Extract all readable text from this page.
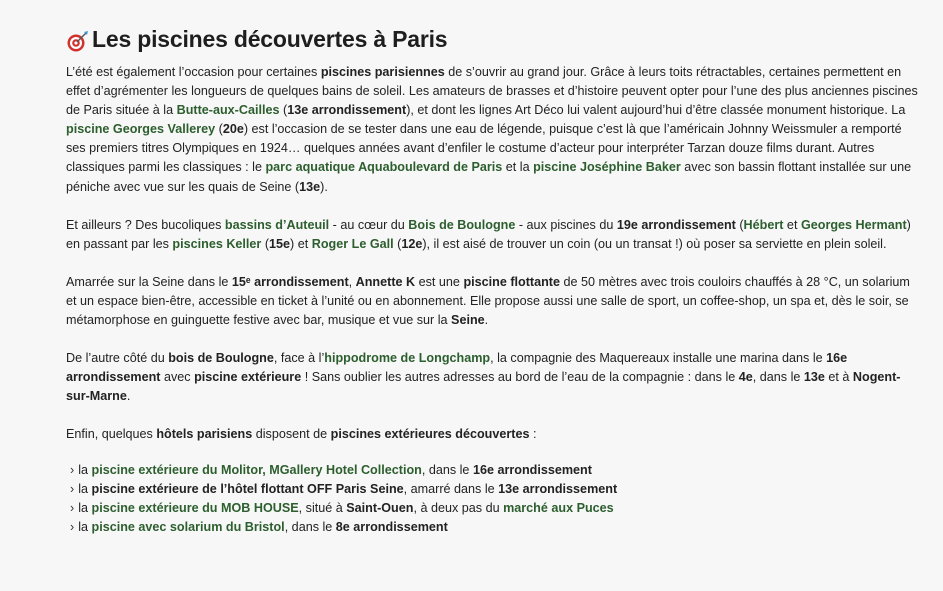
Les piscines découvertes à Paris

L’été est également l’occasion pour certaines piscines parisiennes de s’ouvrir au grand jour. Grâce à leurs toits rétractables, certaines permettent en effet d’agrémenter les longueurs de quelques bains de soleil. Les amateurs de brasses et d’histoire peuvent opter pour l’une des plus anciennes piscines de Paris située à la Butte-aux-Cailles (13e arrondissement), et dont les lignes Art Déco lui valent aujourd’hui d’être classée monument historique. La piscine Georges Vallerey (20e) est l’occasion de se tester dans une eau de légende, puisque c’est là que l’américain Johnny Weissmuler a remporté ses premiers titres Olympiques en 1924… quelques années avant d’enfiler le costume d’acteur pour interpréter Tarzan douze films durant. Autres classiques parmi les classiques : le parc aquatique Aquaboulevard de Paris et la piscine Joséphine Baker avec son bassin flottant installée sur une péniche avec vue sur les quais de Seine (13e).

Et ailleurs ? Des bucoliques bassins d’Auteuil - au cœur du Bois de Boulogne - aux piscines du 19e arrondissement (Hébert et Georges Hermant) en passant par les piscines Keller (15e) et Roger Le Gall (12e), il est aisé de trouver un coin (ou un transat !) où poser sa serviette en plein soleil.

Amarrée sur la Seine dans le 15ᵉ arrondissement, Annette K est une piscine flottante de 50 mètres avec trois couloirs chauffés à 28 °C, un solarium et un espace bien-être, accessible en ticket à l’unité ou en abonnement. Elle propose aussi une salle de sport, un coffee-shop, un spa et, dès le soir, se métamorphose en guinguette festive avec bar, musique et vue sur la Seine.

De l’autre côté du bois de Boulogne, face à l’hippodrome de Longchamp, la compagnie des Maquereaux installe une marina dans le 16e arrondissement avec piscine extérieure ! Sans oublier les autres adresses au bord de l’eau de la compagnie : dans le 4e, dans le 13e et à Nogent-sur-Marne.

Enfin, quelques hôtels parisiens disposent de piscines extérieures découvertes :

› la piscine extérieure du Molitor, MGallery Hotel Collection, dans le 16e arrondissement
› la piscine extérieure de l’hôtel flottant OFF Paris Seine, amarré dans le 13e arrondissement
› la piscine extérieure du MOB HOUSE, situé à Saint-Ouen, à deux pas du marché aux Puces
› la piscine avec solarium du Bristol, dans le 8e arrondissement
